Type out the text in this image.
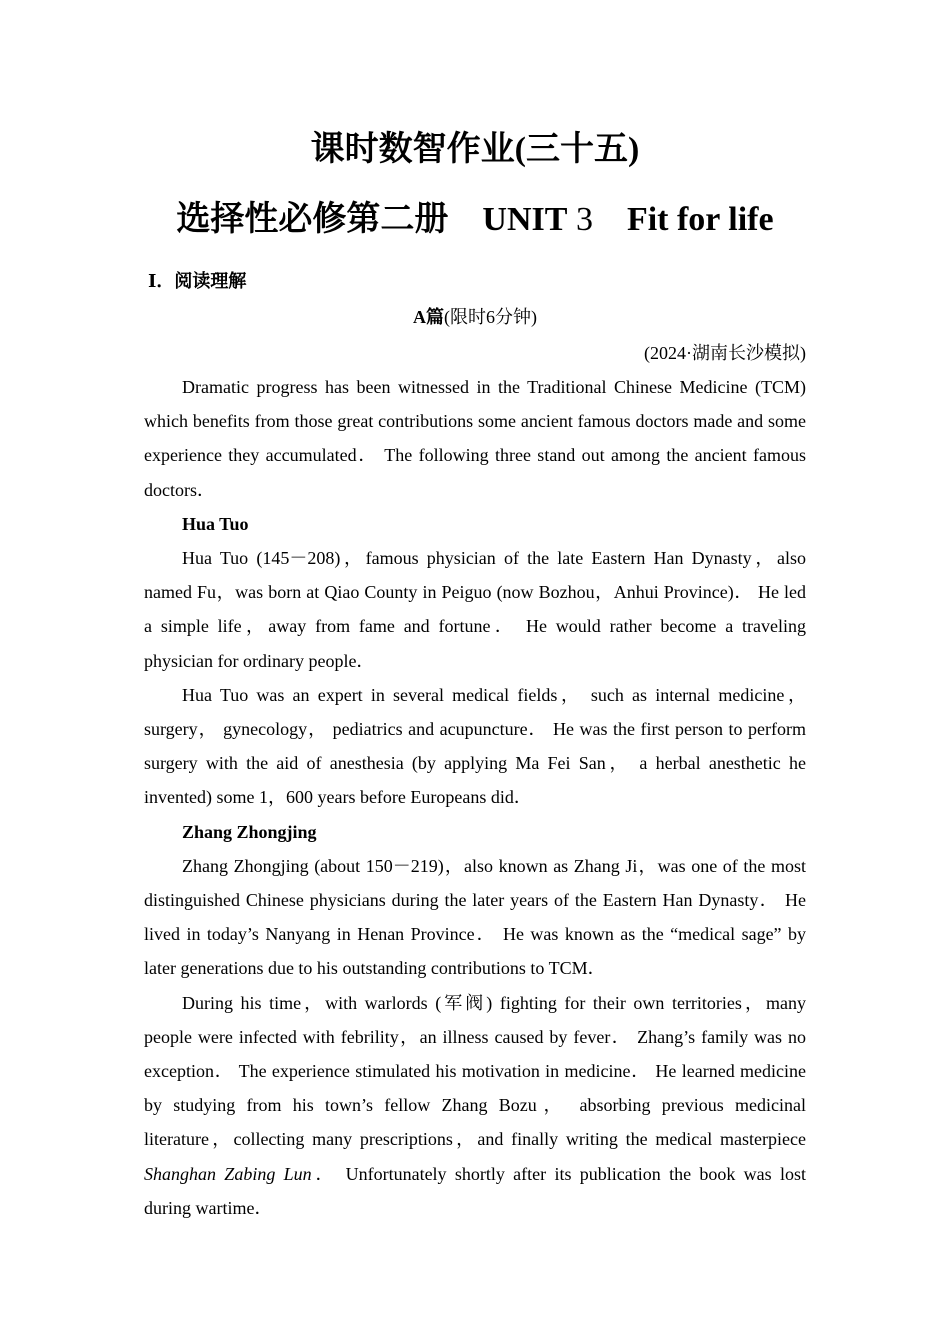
课时数智作业(三十五)
选择性必修第二册  UNIT 3  Fit for life
Ⅰ．阅读理解
A篇(限时6分钟)
(2024·湖南长沙模拟)

Dramatic progress has been witnessed in the Traditional Chinese Medicine (TCM) which benefits from those great contributions some ancient famous doctors made and some experience they accumulated． The following three stand out among the ancient famous doctors．

Hua Tuo

Hua Tuo (145－208)，famous physician of the late Eastern Han Dynasty，also named Fu，was born at Qiao County in Peiguo (now Bozhou，Anhui Province)． He led a simple life，away from fame and fortune． He would rather become a traveling physician for ordinary people．

Hua Tuo was an expert in several medical fields， such as internal medicine， surgery， gynecology， pediatrics and acupuncture． He was the first person to perform surgery with the aid of anesthesia (by applying Ma Fei San， a herbal anesthetic he invented) some 1，600 years before Europeans did．

Zhang Zhongjing

Zhang Zhongjing (about 150－219)，also known as Zhang Ji，was one of the most distinguished Chinese physicians during the later years of the Eastern Han Dynasty． He lived in today’s Nanyang in Henan Province． He was known as the “medical sage” by later generations due to his outstanding contributions to TCM．

During his time，with warlords (军阀) fighting for their own territories，many people were infected with febrility，an illness caused by fever． Zhang’s family was no exception． The experience stimulated his motivation in medicine． He learned medicine by studying from his town’s fellow Zhang Bozu， absorbing previous medicinal literature，collecting many prescriptions，and finally writing the medical masterpiece Shanghan Zabing Lun． Unfortunately shortly after its publication the book was lost during wartime．
